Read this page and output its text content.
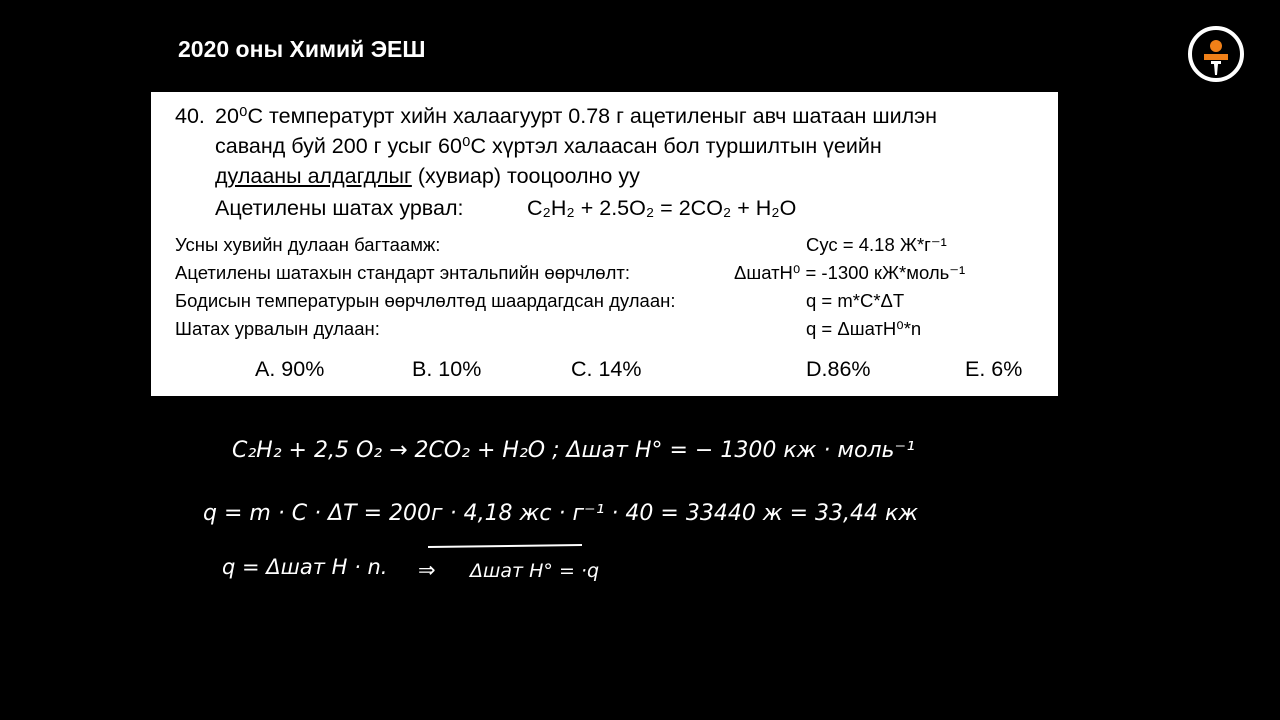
2020 оны Химий ЭЕШ
40. 20⁰С температурт хийн халаагуурт 0.78 г ацетиленыг авч шатаан шилэн
саванд буй 200 г усыг 60⁰С хүртэл халаасан бол туршилтын үеийн
дулааны алдагдлыг (хувиар) тооцоолно уу
Ацетилены шатах урвал:	C₂H₂ + 2.5O₂ = 2CO₂ + H₂O
Усны хувийн дулаан багтаамж:	Cус = 4.18 Ж*г⁻¹
Ацетилены шатахын стандарт энтальпийн өөрчлөлт:	ΔшатH⁰ = -1300 кЖ*моль⁻¹
Бодисын температурын өөрчлөлтөд шаардагдсан дулаан:	q = m*C*ΔT
Шатах урвалын дулаан:	q = ΔшатH⁰*n
A. 90%	B. 10%	C. 14%	D.86%	E. 6%
C₂H₂ + 2,5 O₂ → 2CO₂ + H₂O ; Δшат H° = − 1300 кж · моль⁻¹
q = m · C · ΔT = 200г · 4,18 жс · г⁻¹ · 40 = 33440 ж = 33,44 кж
q = Δшат H · n. ⇒ Δшат H° = ·q
